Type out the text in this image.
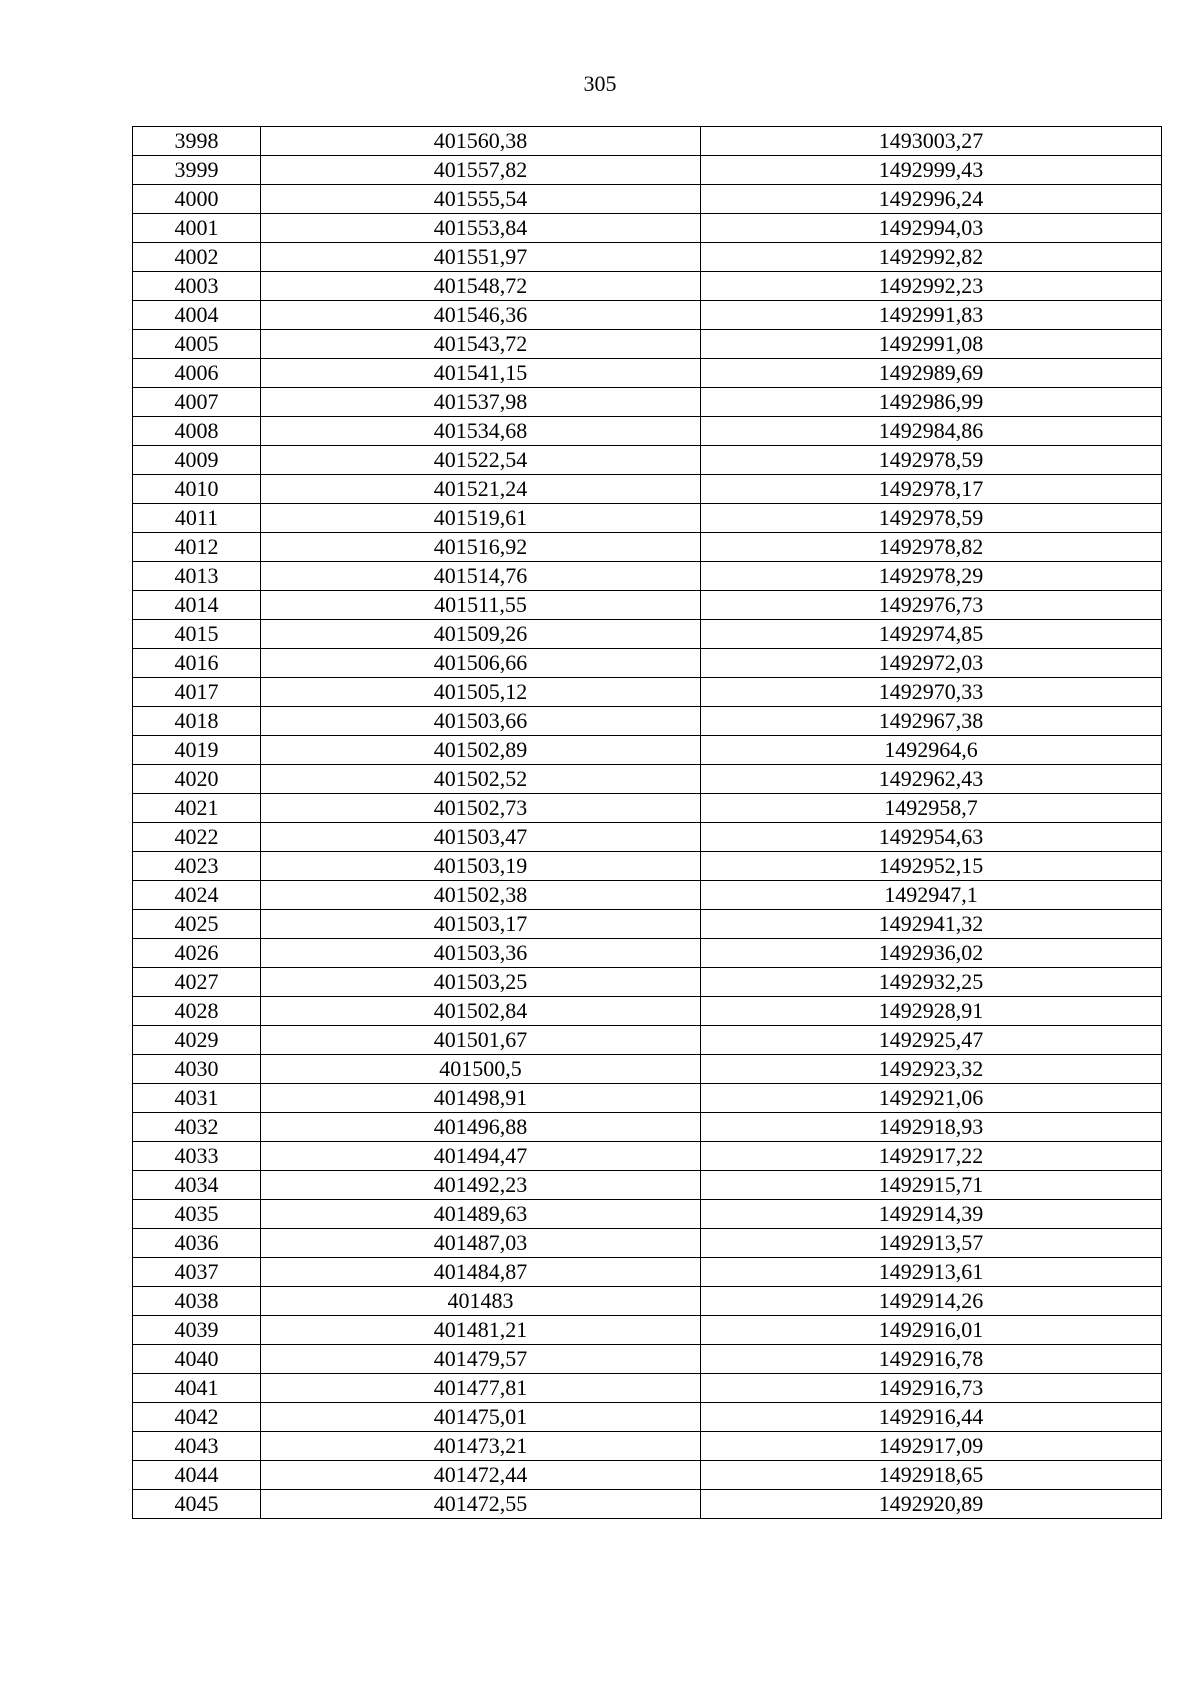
305
3998	401560,38	1493003,27
3999	401557,82	1492999,43
4000	401555,54	1492996,24
4001	401553,84	1492994,03
4002	401551,97	1492992,82
4003	401548,72	1492992,23
4004	401546,36	1492991,83
4005	401543,72	1492991,08
4006	401541,15	1492989,69
4007	401537,98	1492986,99
4008	401534,68	1492984,86
4009	401522,54	1492978,59
4010	401521,24	1492978,17
4011	401519,61	1492978,59
4012	401516,92	1492978,82
4013	401514,76	1492978,29
4014	401511,55	1492976,73
4015	401509,26	1492974,85
4016	401506,66	1492972,03
4017	401505,12	1492970,33
4018	401503,66	1492967,38
4019	401502,89	1492964,6
4020	401502,52	1492962,43
4021	401502,73	1492958,7
4022	401503,47	1492954,63
4023	401503,19	1492952,15
4024	401502,38	1492947,1
4025	401503,17	1492941,32
4026	401503,36	1492936,02
4027	401503,25	1492932,25
4028	401502,84	1492928,91
4029	401501,67	1492925,47
4030	401500,5	1492923,32
4031	401498,91	1492921,06
4032	401496,88	1492918,93
4033	401494,47	1492917,22
4034	401492,23	1492915,71
4035	401489,63	1492914,39
4036	401487,03	1492913,57
4037	401484,87	1492913,61
4038	401483	1492914,26
4039	401481,21	1492916,01
4040	401479,57	1492916,78
4041	401477,81	1492916,73
4042	401475,01	1492916,44
4043	401473,21	1492917,09
4044	401472,44	1492918,65
4045	401472,55	1492920,89
